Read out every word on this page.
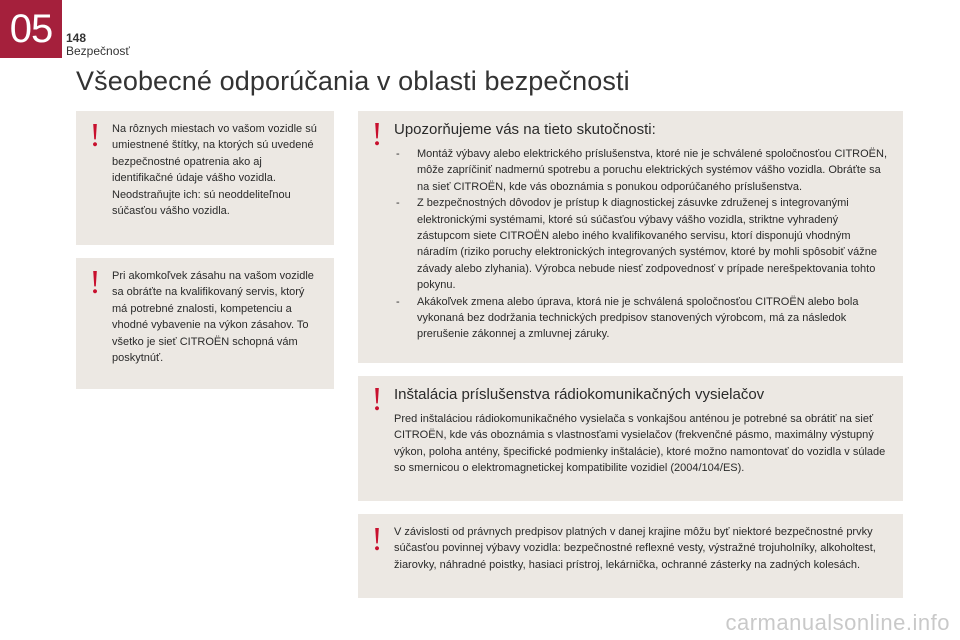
05	148
Bezpečnosť
Všeobecné odporúčania v oblasti bezpečnosti
! Na rôznych miestach vo vašom vozidle sú umiestnené štítky, na ktorých sú uvedené bezpečnostné opatrenia ako aj identifikačné údaje vášho vozidla. Neodstraňujte ich: sú neoddeliteľnou súčasťou vášho vozidla.

! Pri akomkoľvek zásahu na vašom vozidle sa obráťte na kvalifikovaný servis, ktorý má potrebné znalosti, kompetenciu a vhodné vybavenie na výkon zásahov. To všetko je sieť CITROËN schopná vám poskytnúť.

! Upozorňujeme vás na tieto skutočnosti:
- Montáž výbavy alebo elektrického príslušenstva, ktoré nie je schválené spoločnosťou CITROËN, môže zapríčiniť nadmernú spotrebu a poruchu elektrických systémov vášho vozidla. Obráťte sa na sieť CITROËN, kde vás oboznámia s ponukou odporúčaného príslušenstva.
- Z bezpečnostných dôvodov je prístup k diagnostickej zásuvke združenej s integrovanými elektronickými systémami, ktoré sú súčasťou výbavy vášho vozidla, striktne vyhradený zástupcom siete CITROËN alebo iného kvalifikovaného servisu, ktorí disponujú vhodným náradím (riziko poruchy elektronických integrovaných systémov, ktoré by mohli spôsobiť vážne závady alebo zlyhania). Výrobca nebude niesť zodpovednosť v prípade nerešpektovania tohto pokynu.
- Akákoľvek zmena alebo úprava, ktorá nie je schválená spoločnosťou CITROËN alebo bola vykonaná bez dodržania technických predpisov stanovených výrobcom, má za následok prerušenie zákonnej a zmluvnej záruky.
! Inštalácia príslušenstva rádiokomunikačných vysielačov

Pred inštaláciou rádiokomunikačného vysielača s vonkajšou anténou je potrebné sa obrátiť na sieť CITROËN, kde vás oboznámia s vlastnosťami vysielačov (frekvenčné pásmo, maximálny výstupný výkon, poloha antény, špecifické podmienky inštalácie), ktoré možno namontovať do vozidla v súlade so smernicou o elektromagnetickej kompatibilite vozidiel (2004/104/ES).

! V závislosti od právnych predpisov platných v danej krajine môžu byť niektoré bezpečnostné prvky súčasťou povinnej výbavy vozidla: bezpečnostné reflexné vesty, výstražné trojuholníky, alkoholtest, žiarovky, náhradné poistky, hasiaci prístroj, lekárnička, ochranné zásterky na zadných kolesách.

carmanualsonline.info
